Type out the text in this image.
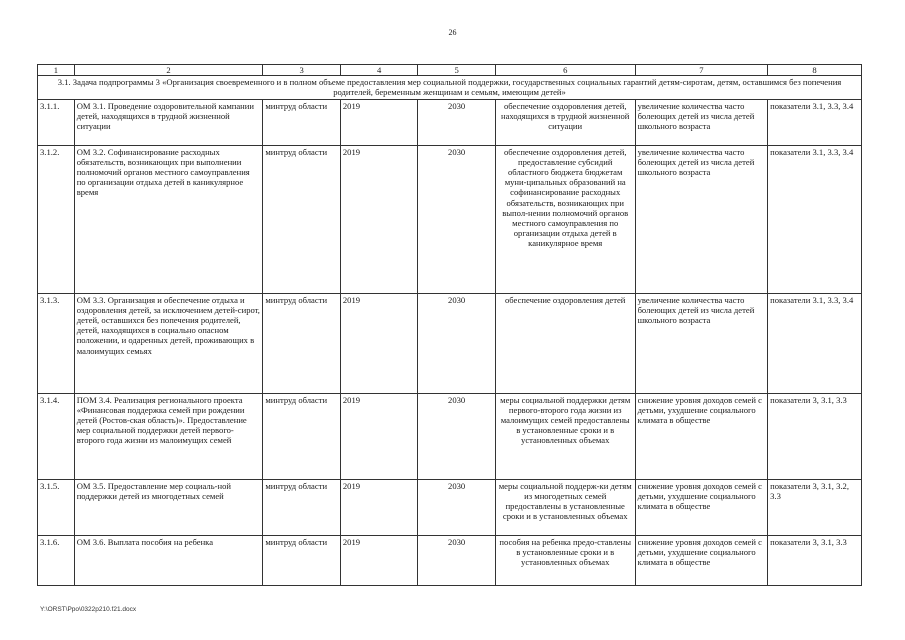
26
1	2	3	4	5	6	7	8
3.1. Задача подпрограммы 3 «Организация своевременного и в полном объеме предоставления мер социальной поддержки, государственных социальных гарантий детям-сиротам, детям, оставшимся без попечения родителей, беременным женщинам и семьям, имеющим детей»							
3.1.1.	ОМ 3.1. Проведение оздоровительной кампании детей, находящихся в трудной жизненной ситуации	минтруд области	2019	2030	обеспечение оздоровления детей, находящихся в трудной жизненной ситуации	увеличение количества часто болеющих детей из числа детей школьного возраста	показатели 3.1, 3.3, 3.4
3.1.2.	ОМ 3.2. Софинансирование расходных обязательств, возникающих при выполнении полномочий органов местного самоуправления по организации отдыха детей в каникулярное время	минтруд области	2019	2030	обеспечение оздоровления детей, предоставление субсидий областного бюджета бюджетам муни-ципальных образований на софинансирование расходных обязательств, возникающих при выпол-нении полномочий органов местного самоуправления по организации отдыха детей в каникулярное время	увеличение количества часто болеющих детей из числа детей школьного возраста	показатели 3.1, 3.3, 3.4
3.1.3.	ОМ 3.3. Организация и обеспечение отдыха и оздоровления детей, за исключением детей-сирот, детей, оставшихся без попечения родителей, детей, находящихся в социально опасном положении, и одаренных детей, проживающих в малоимущих семьях	минтруд области	2019	2030	обеспечение оздоровления детей	увеличение количества часто болеющих детей из числа детей школьного возраста	показатели 3.1, 3.3, 3.4
3.1.4.	ПОМ 3.4. Реализация регионального проекта «Финансовая поддержка семей при рождении детей (Ростов-ская область)». Предоставление мер социальной поддержки детей первого-второго года жизни из малоимущих семей	минтруд области	2019	2030	меры социальной поддержки детям первого-второго года жизни из малоимущих семей предоставлены в установленные сроки и в установленных объемах	снижение уровня доходов семей с детьми, ухудшение социального климата в обществе	показатели 3, 3.1, 3.3
3.1.5.	ОМ 3.5. Предоставление мер социаль-ной поддержки детей из многодетных семей	минтруд области	2019	2030	меры социальной поддерж-ки детям из многодетных семей предоставлены в установленные сроки и в установленных объемах	снижение уровня доходов семей с детьми, ухудшение социального климата в обществе	показатели 3, 3.1, 3.2, 3.3
3.1.6.	ОМ 3.6. Выплата пособия на ребенка	минтруд области	2019	2030	пособия на ребенка предо-ставлены в установленные сроки и в установленных объемах	снижение уровня доходов семей с детьми, ухудшение социального климата в обществе	показатели 3, 3.1, 3.3
Y:\ORST\Ppo\0322p210.f21.docx
